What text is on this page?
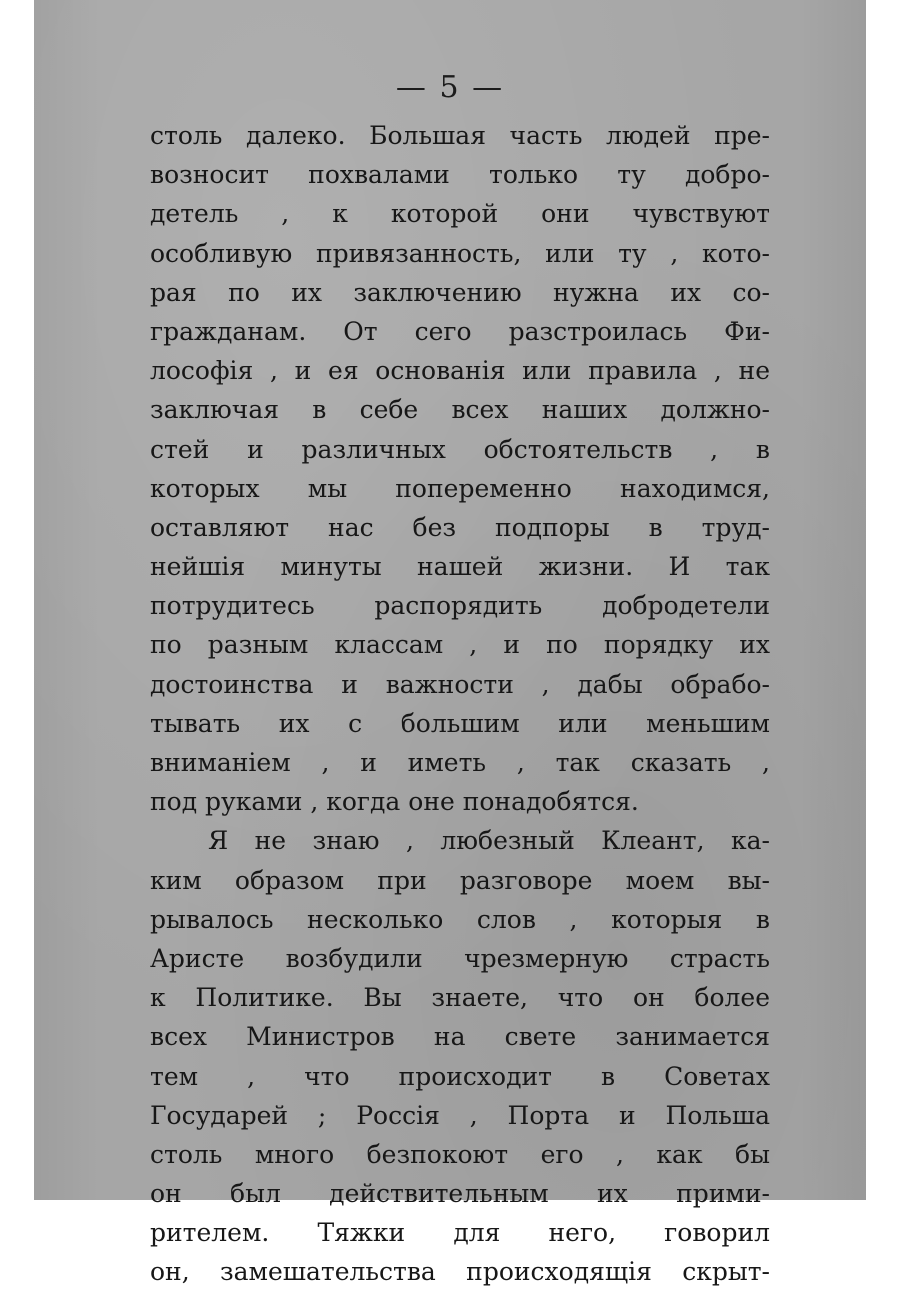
— 5 —
столь далеко. Большая часть людей пре-
возносит похвалами только ту добро-
детель , к которой они чувствуют
особливую привязанность, или ту , кото-
рая по их заключению нужна их со-
гражданам. От сего разстроилась Фи-
лософія , и ея основанія или правила , не
заключая в себе всех наших должно-
стей и различных обстоятельств , в
которых мы попеременно находимся,
оставляют нас без подпоры в труд-
нейшія минуты нашей жизни. И так
потрудитесь распорядить добродетели
по разным классам , и по порядку их
достоинства и важности , дабы обрабо-
тывать их с большим или меньшим
вниманіем , и иметь , так сказать ,
под руками , когда оне понадобятся.
Я не знаю , любезный Клеант, ка-
ким образом при разговоре моем вы-
рывалось несколько слов , которыя в
Аристе возбудили чрезмерную страсть
к Политике. Вы знаете, что он более
всех Министров на свете занимается
тем , что происходит в Советах
Государей ; Россія , Порта и Польша
столь много безпокоют его , как бы
он был действительным их прими-
рителем. Тяжки для него, говорил
он, замешательства происходящія скрыт-
